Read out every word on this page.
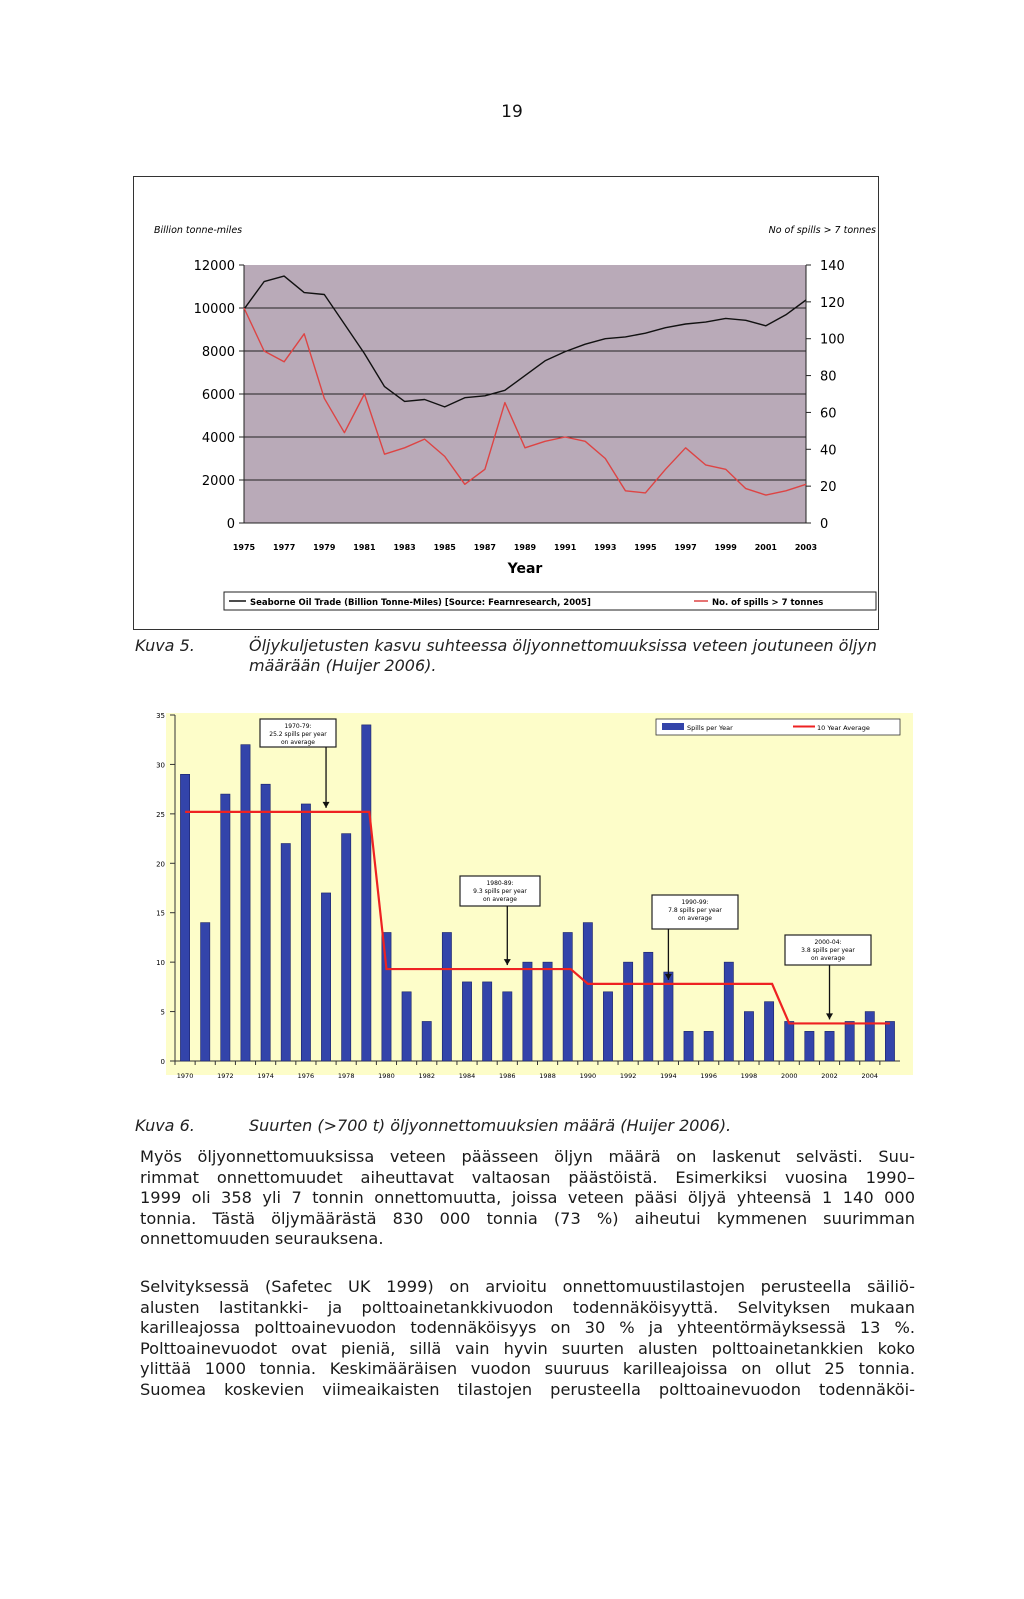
19
Billion tonne-miles	No of spills > 7 tonnes
0
2000
4000
6000
8000
10000
12000
0
20
40
60
80
100
120
140
1975 1977 1979 1981 1983 1985 1987 1989 1991 1993 1995 1997 1999 2001 2003
Year
Seaborne Oil Trade (Billion Tonne-Miles) [Source: Fearnresearch, 2005]	No. of spills > 7 tonnes
Kuva 5.	Öljykuljetusten kasvu suhteessa öljyonnettomuuksissa veteen joutuneen öljyn
määrään (Huijer 2006).
0
5
10
15
20
25
30
35
1970	1972	1974	1976	1978	1980	1982	1984	1986	1988	1990	1992	1994	1996	1998	2000	2002	2004
Spills per Year	10 Year Average
1970-79:
25.2 spills per year
on average
1980-89:
9.3 spills per year
on average	1990-99:
7.8 spills per year
on average
2000-04:
3.8 spills per year
on average
Kuva 6.	Suurten (>700 t) öljyonnettomuuksien määrä (Huijer 2006).
Myös öljyonnettomuuksissa veteen päässeen öljyn määrä on laskenut selvästi. Suu-
rimmat onnettomuudet aiheuttavat valtaosan päästöistä. Esimerkiksi vuosina 1990–
1999 oli 358 yli 7 tonnin onnettomuutta, joissa veteen pääsi öljyä yhteensä 1 140 000
tonnia. Tästä öljymäärästä 830 000 tonnia (73 %) aiheutui kymmenen suurimman
onnettomuuden seurauksena.
Selvityksessä (Safetec UK 1999) on arvioitu onnettomuustilastojen perusteella säiliö-
alusten lastitankki- ja polttoainetankkivuodon todennäköisyyttä. Selvityksen mukaan
karilleajossa polttoainevuodon todennäköisyys on 30 % ja yhteentörmäyksessä 13 %.
Polttoainevuodot ovat pieniä, sillä vain hyvin suurten alusten polttoainetankkien koko
ylittää 1000 tonnia. Keskimääräisen vuodon suuruus karilleajoissa on ollut 25 tonnia.
Suomea koskevien viimeaikaisten tilastojen perusteella polttoainevuodon todennäköi-
